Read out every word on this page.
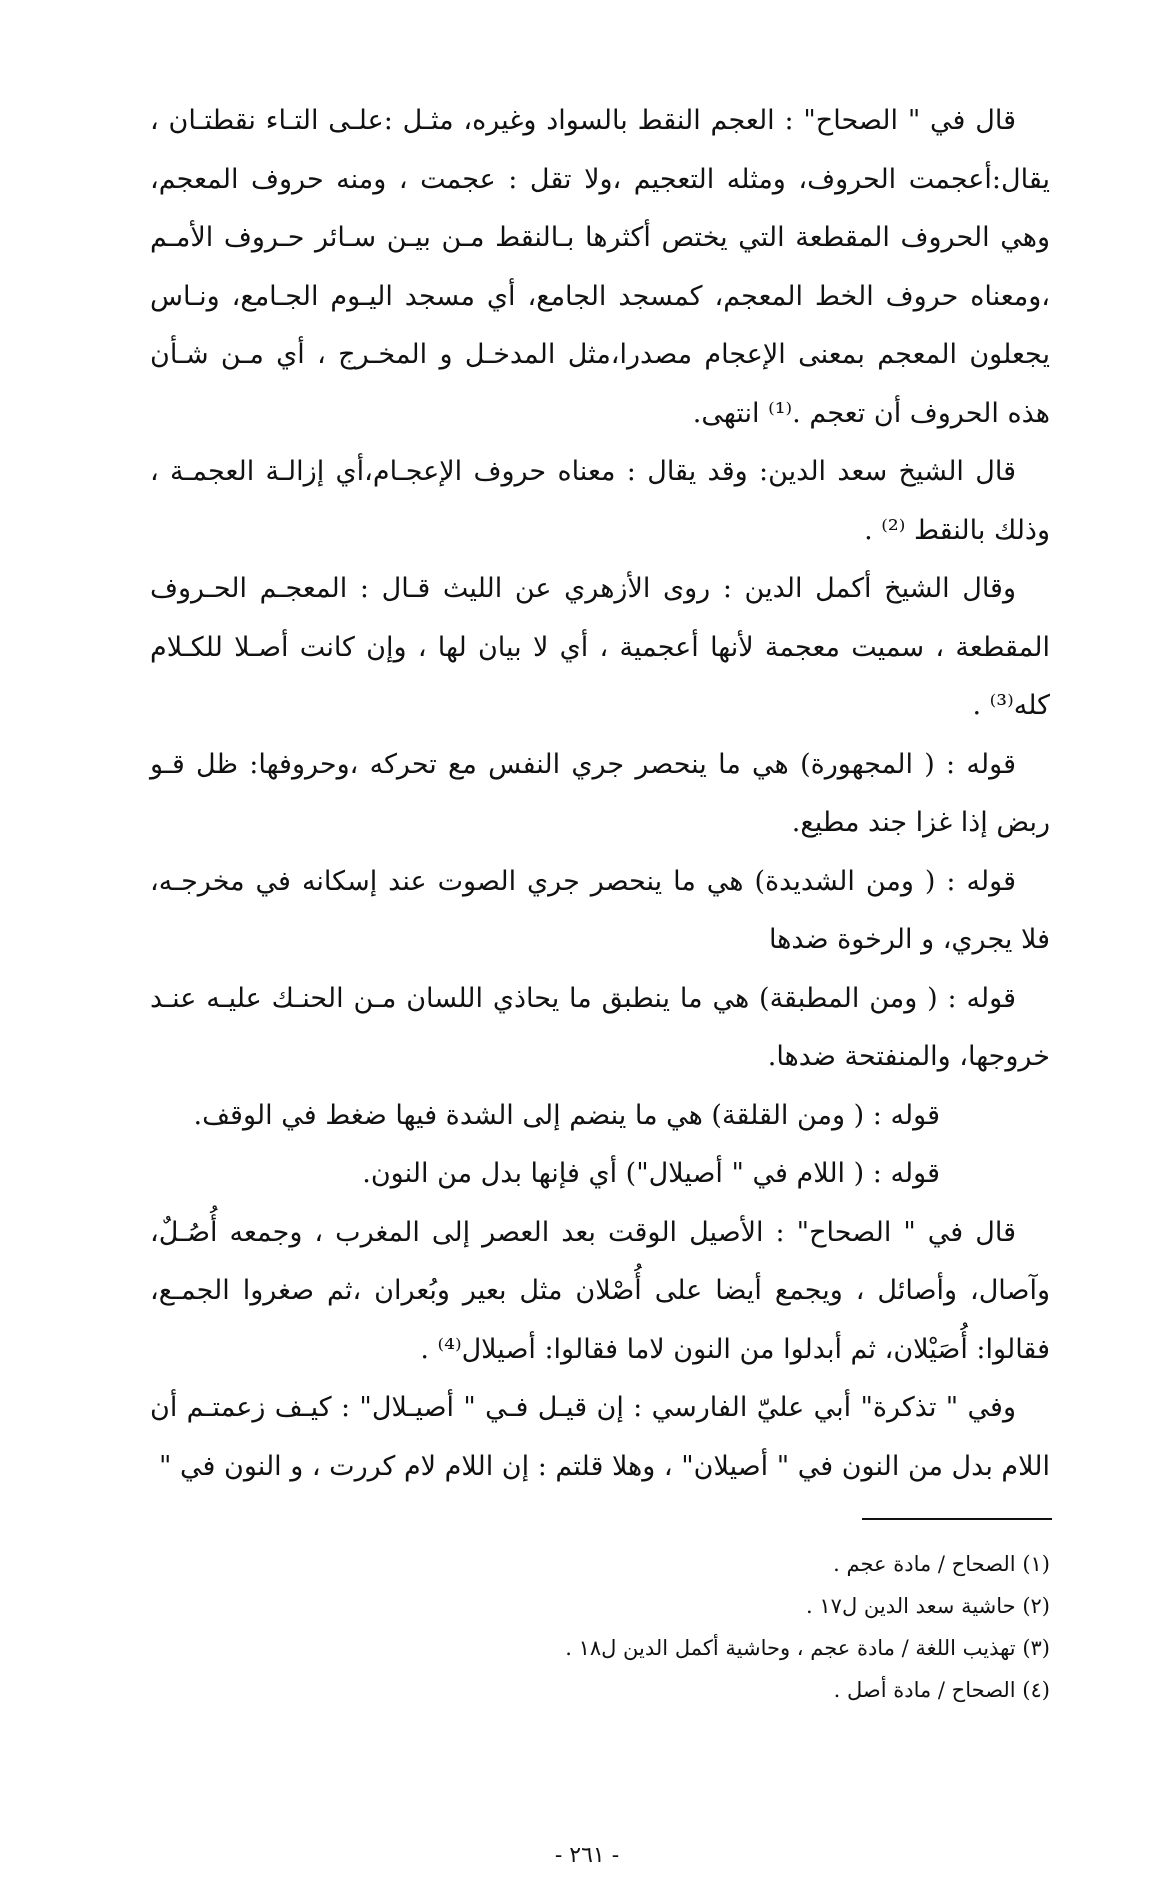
قال في " الصحاح" : العجم النقط بالسواد وغيره، مثـل :علـى التـاء نقطتـان ، يقال:أعجمت الحروف، ومثله التعجيم ،ولا تقل : عجمت ، ومنه حروف المعجم، وهي الحروف المقطعة التي يختص أكثرها بـالنقط مـن بيـن سـائر حـروف الأمـم ،ومعناه حروف الخط المعجم، كمسجد الجامع، أي مسجد اليـوم الجـامع، ونـاس يجعلون المعجم بمعنى الإعجام مصدرا،مثل المدخـل و المخـرج ، أي مـن شـأن هذه الحروف أن تعجم .⁽¹⁾ انتهى.

قال الشيخ سعد الدين: وقد يقال : معناه حروف الإعجـام،أي إزالـة العجمـة ، وذلك بالنقط ⁽²⁾ .

وقال الشيخ أكمل الدين : روى الأزهري عن الليث قـال : المعجـم الحـروف المقطعة ، سميت معجمة لأنها أعجمية ، أي لا بيان لها ، وإن كانت أصـلا للكـلام كله⁽³⁾ .

قوله : ( المجهورة) هي ما ينحصر جري النفس مع تحركه ،وحروفها: ظل قـو ربض إذا غزا جند مطيع.

قوله : ( ومن الشديدة) هي ما ينحصر جري الصوت عند إسكانه في مخرجـه، فلا يجري، و الرخوة ضدها

قوله : ( ومن المطبقة) هي ما ينطبق ما يحاذي اللسان مـن الحنـك عليـه عنـد خروجها، والمنفتحة ضدها.

قوله : ( ومن القلقة) هي ما ينضم إلى الشدة فيها ضغط في الوقف.

قوله : ( اللام في " أصيلال") أي فإنها بدل من النون.

قال في " الصحاح" : الأصيل الوقت بعد العصر إلى المغرب ، وجمعه أُصُـلٌ، وآصال، وأصائل ، ويجمع أيضا على أُصْلان مثل بعير وبُعران ،ثم صغروا الجمـع، فقالوا: أُصَيْلان، ثم أبدلوا من النون لاما فقالوا: أصيلال⁽⁴⁾ .

وفي " تذكرة" أبي عليّ الفارسي : إن قيـل فـي " أصيـلال" : كيـف زعمتـم أن اللام بدل من النون في " أصيلان" ، وهلا قلتم : إن اللام لام كررت ، و النون في "

(١) الصحاح / مادة عجم .

(٢) حاشية سعد الدين ل١٧ .

(٣) تهذيب اللغة / مادة عجم ، وحاشية أكمل الدين ل١٨ .

(٤) الصحاح / مادة أصل .

- ٢٦١ -
